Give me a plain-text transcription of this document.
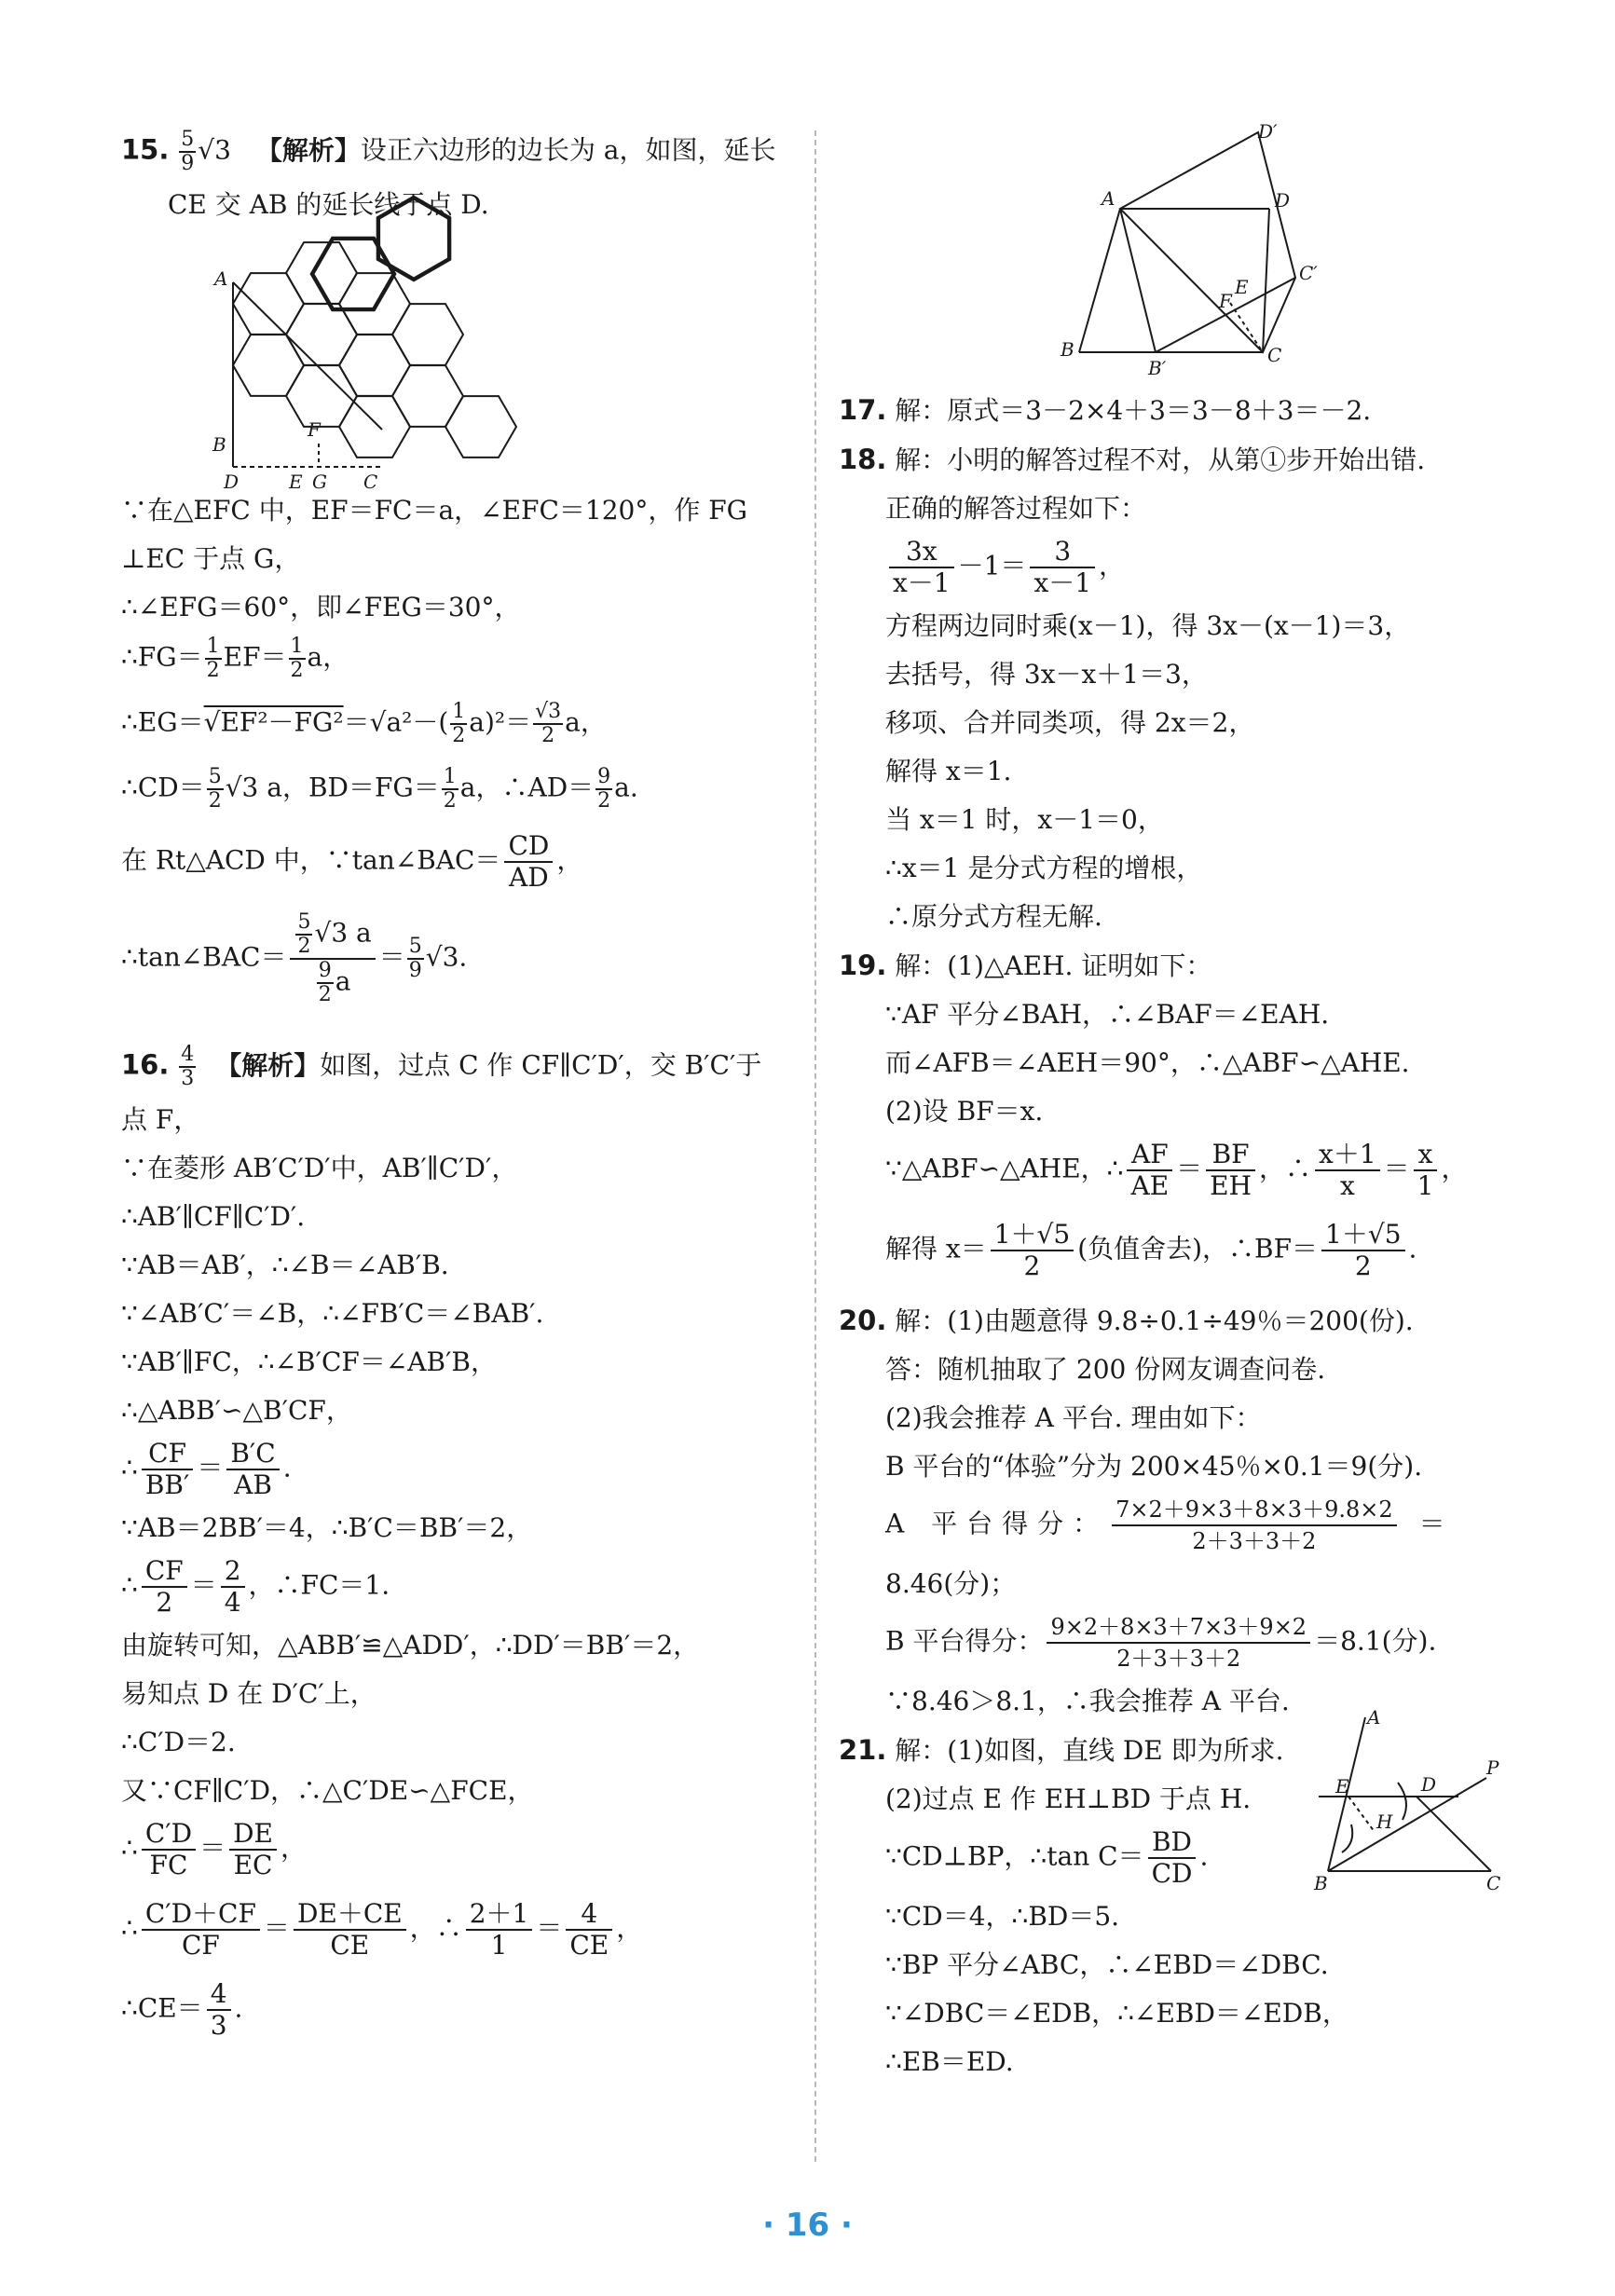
15. $\frac{5}{9} √3$ 【解析】设正六边形的边长为 a，如图，延长
CE 交 AB 的延长线于点 D.
A
B
D	E G C
F
∵在△EFC 中，EF＝FC＝a，∠EFC＝120°，作 FG
⊥EC 于点 G，
∴∠EFG＝60°，即∠FEG＝30°，
∴FG＝ $\frac{1}{2} EF= \frac{1}{2}$ a，
∴EG＝√EF²－FG²＝√a²－( $\frac{1}{2} a)^2= \frac{√3}{2}$ a，
∴CD＝ $\frac{5}{2} √3$ a，$BD=FG= \frac{1}{2}$ a，∴AD＝ $\frac{9}{2} a$.
在 Rt△ACD 中，∵tan∠BAC＝ $\frac{CD}{AD}$ ，
∴tan∠BAC＝ $\frac{\frac{5}{2} √3 a}{\frac{9}{2} a} = \frac{5}{9} √3$.
16. $\frac{4}{3}$ 【解析】如图，过点 C 作 CF∥C′D′，交 B′C′于
点 F，
∵在菱形 AB′C′D′中，AB′∥C′D′，
∴AB′∥CF∥C′D′.
∵AB＝AB′，∴∠B＝∠AB′B.
∵∠AB′C′＝∠B，∴∠FB′C＝∠BAB′.
∵AB′∥FC，∴∠B′CF＝∠AB′B，
∴△ABB′∽△B′CF，
∴ $\frac{CF}{BB'} = \frac{B'C}{AB}$ .
∵AB＝2BB′＝4，∴B′C＝BB′＝2，
∴ $\frac{CF}{2} = \frac{2}{4}$ ，∴FC＝1.
由旋转可知，△ABB′≌△ADD′，∴DD′＝BB′＝2，
易知点 D 在 D′C′上，
∴C′D＝2.
又∵CF∥C′D，∴△C′DE∽△FCE，
∴ $\frac{C'D}{FC} = \frac{DE}{EC}$ ，
∴ $\frac{C'D+CF}{CF} = \frac{DE+CE}{CE}$ ，∴ $\frac{2+1}{1} = \frac{4}{CE}$ ，
∴CE＝ $\frac{4}{3}$ .
D′
A	D
C′
E
F
B
B′
C
17. 解：原式＝3－2×4＋3＝3－8＋3＝－2.
18. 解：小明的解答过程不对，从第①步开始出错.
正确的解答过程如下：
$\frac{3x}{x-1} -1= \frac{3}{x-1}$ ，
方程两边同时乘(x－1)，得 3x－(x－1)＝3，
去括号，得 3x－x＋1＝3，
移项、合并同类项，得 2x＝2，
解得 x＝1.
当 x＝1 时，x－1＝0，
∴x＝1 是分式方程的增根，
∴原分式方程无解.
19. 解：(1)△AEH. 证明如下：
∵AF 平分∠BAH，∴∠BAF＝∠EAH.
而∠AFB＝∠AEH＝90°，∴△ABF∽△AHE.
(2)设 BF＝x.
∵△ABF∽△AHE，∴ $\frac{AF}{AE} = \frac{BF}{EH}$ ，∴ $\frac{x+1}{x} = \frac{x}{1}$ ，
解得 $x= \frac{1+√5}{2}$ (负值舍去)，∴BF＝ $\frac{1+√5}{2}$ .
20. 解：(1)由题意得 9.8÷0.1÷49％＝200(份).
答：随机抽取了 200 份网友调查问卷.
(2)我会推荐 A 平台. 理由如下：
B 平台的“体验”分为 200×45％×0.1＝9(分).
A 平台得分： $\frac{7\times 2+9\times 3+8\times 3+9.8\times 2}{2+3+3+2}$ ＝
8.46(分)；
B 平台得分： $\frac{9\times 2+8\times 3+7\times 3+9\times 2}{2+3+3+2} =8.1$(分).
∵8.46＞8.1，∴我会推荐 A 平台.
A
E	D
P
H
B	C
21. 解：(1)如图，直线 DE 即为所求.
(2)过点 E 作 EH⊥BD 于点 H.
∵CD⊥BP，∴tan $C= \frac{BD}{CD}$ .
∵CD＝4，∴BD＝5.
∵BP 平分∠ABC，∴∠EBD＝∠DBC.
∵∠DBC＝∠EDB，∴∠EBD＝∠EDB，
∴EB＝ED.
· 16 ·
